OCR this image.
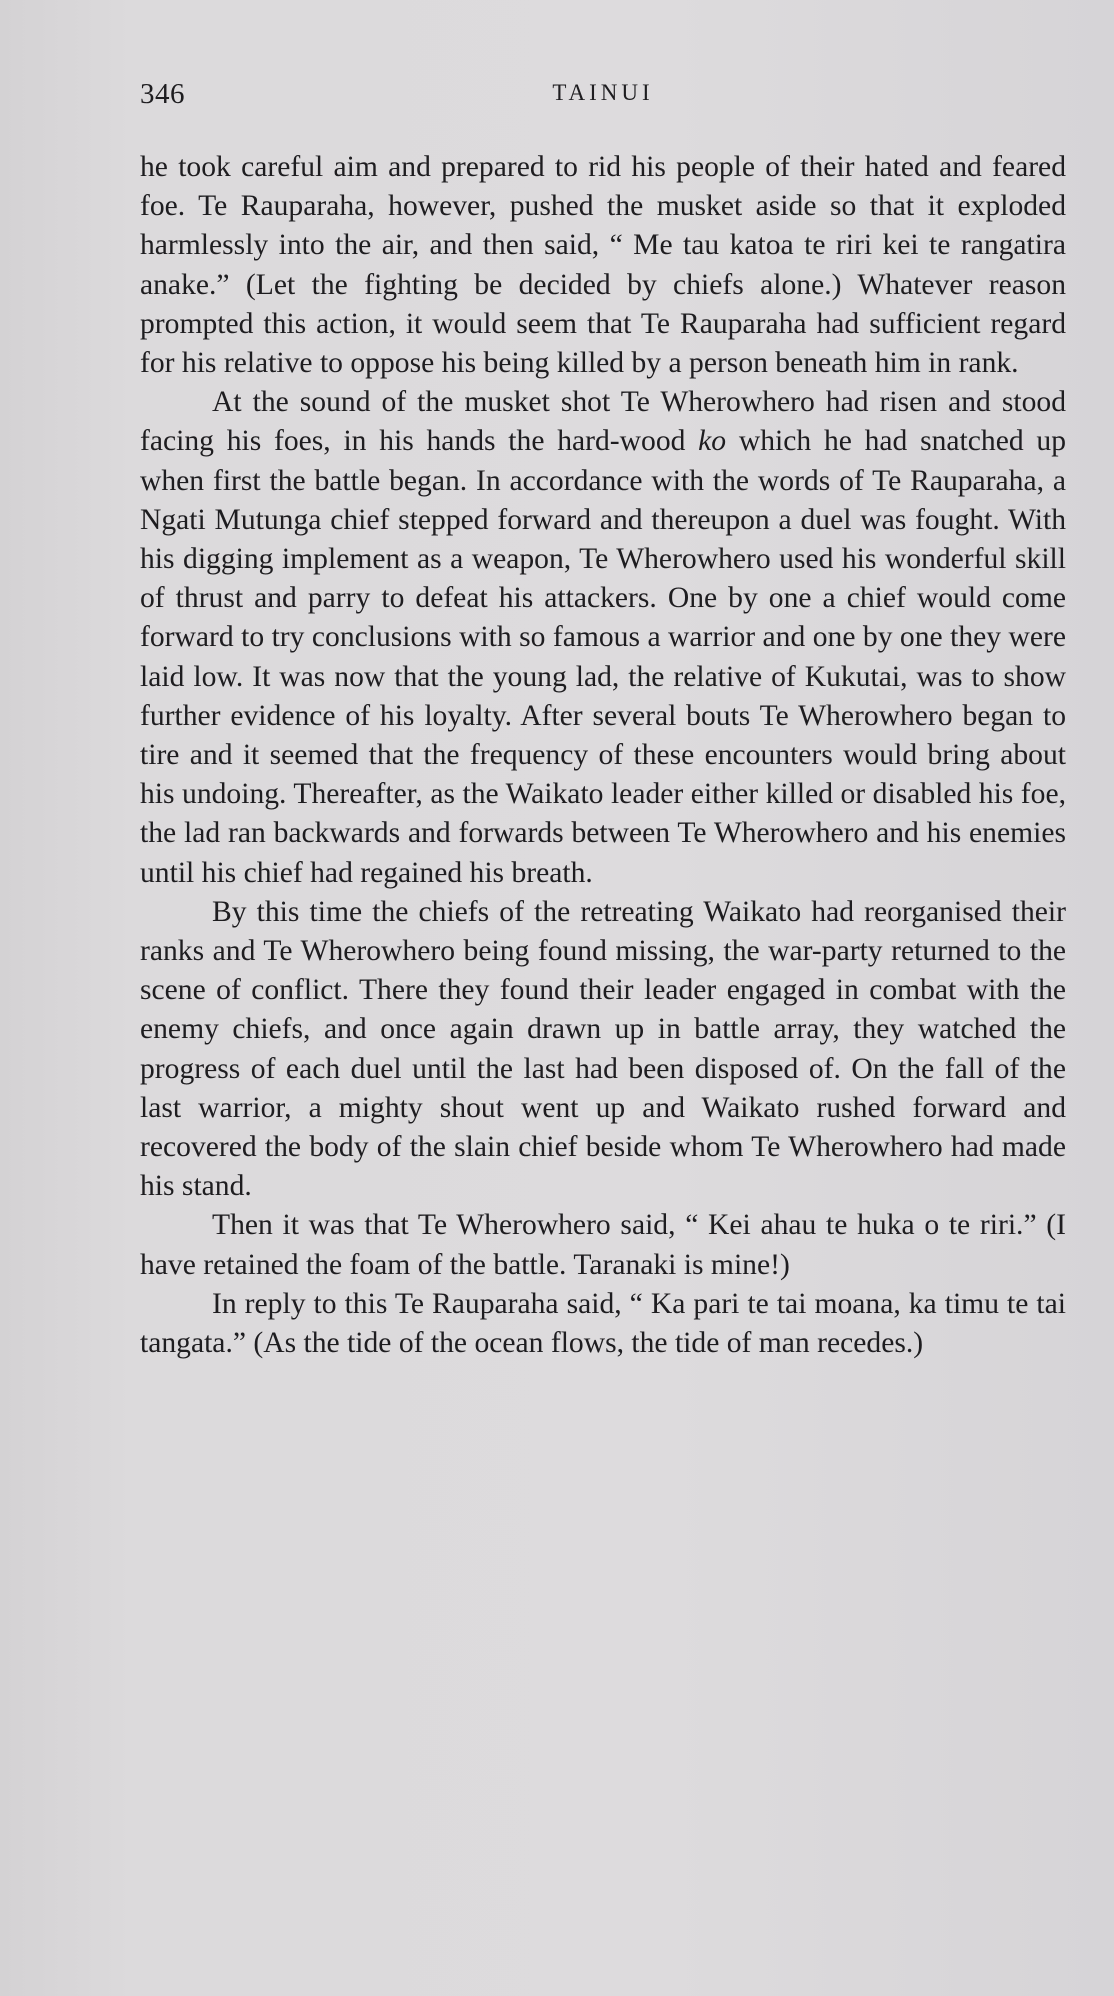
346	TAINUI

he took careful aim and prepared to rid his people of their hated and feared foe. Te Rauparaha, however, pushed the musket aside so that it exploded harmlessly into the air, and then said, “ Me tau katoa te riri kei te rangatira anake.” (Let the fighting be decided by chiefs alone.) Whatever reason prompted this action, it would seem that Te Rauparaha had sufficient regard for his relative to oppose his being killed by a person beneath him in rank.

At the sound of the musket shot Te Wherowhero had risen and stood facing his foes, in his hands the hard-wood ko which he had snatched up when first the battle began. In accordance with the words of Te Rauparaha, a Ngati Mutunga chief stepped forward and thereupon a duel was fought. With his digging implement as a weapon, Te Wherowhero used his wonderful skill of thrust and parry to defeat his attackers. One by one a chief would come forward to try conclusions with so famous a warrior and one by one they were laid low. It was now that the young lad, the relative of Kukutai, was to show further evidence of his loyalty. After several bouts Te Wherowhero began to tire and it seemed that the frequency of these encounters would bring about his undoing. Thereafter, as the Waikato leader either killed or disabled his foe, the lad ran backwards and forwards between Te Wherowhero and his enemies until his chief had regained his breath.

By this time the chiefs of the retreating Waikato had reorganised their ranks and Te Wherowhero being found missing, the war-party returned to the scene of conflict. There they found their leader engaged in combat with the enemy chiefs, and once again drawn up in battle array, they watched the progress of each duel until the last had been disposed of. On the fall of the last warrior, a mighty shout went up and Waikato rushed forward and recovered the body of the slain chief beside whom Te Wherowhero had made his stand.

Then it was that Te Wherowhero said, “ Kei ahau te huka o te riri.” (I have retained the foam of the battle. Taranaki is mine!)

In reply to this Te Rauparaha said, “ Ka pari te tai moana, ka timu te tai tangata.” (As the tide of the ocean flows, the tide of man recedes.)
